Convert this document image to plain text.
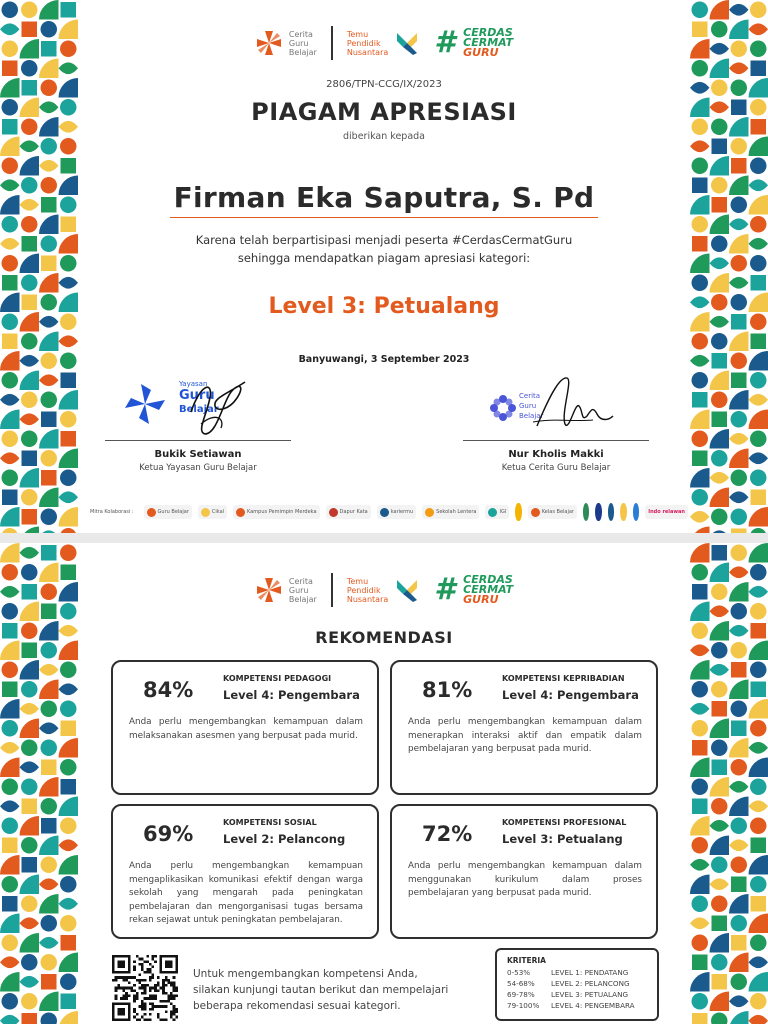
Cerita
Guru
Belajar
Temu
Pendidik
Nusantara # CERDAS
CERMAT
GURU
2806/TPN-CCG/IX/2023
PIAGAM APRESIASI
diberikan kepada
Firman Eka Saputra, S. Pd
Karena telah berpartisipasi menjadi peserta #CerdasCermatGuru
sehingga mendapatkan piagam apresiasi kategori:
Level 3: Petualang
Banyuwangi, 3 September 2023
Yayasan
Guru
Belajar
Bukik Setiawan
Ketua Yayasan Guru Belajar
Cerita
Guru
Belajar
Nur Kholis Makki
Ketua Cerita Guru Belajar
Mitra Kolaborasi :	Guru Belajar	Cikal	Kampus Pemimpin Merdeka	Dapur Kata	kariermu	Sekolah Lentera	IGI	Kelas Belajar	Indo relawan
Cerita
Guru
Belajar
Temu
Pendidik
Nusantara # CERDAS
CERMAT
GURU
REKOMENDASI
84%	KOMPETENSI PEDAGOGI
Level 4: Pengembara
Anda perlu mengembangkan kemampuan dalam melaksanakan asesmen yang berpusat pada murid.
81%	KOMPETENSI KEPRIBADIAN
Level 4: Pengembara
Anda perlu mengembangkan kemampuan dalam menerapkan interaksi aktif dan empatik dalam pembelajaran yang berpusat pada murid.
69%	KOMPETENSI SOSIAL
Level 2: Pelancong
Anda perlu mengembangkan kemampuan mengaplikasikan komunikasi efektif dengan warga sekolah yang mengarah pada peningkatan pembelajaran dan mengorganisasi tugas bersama rekan sejawat untuk peningkatan pembelajaran.
72%	KOMPETENSI PROFESIONAL
Level 3: Petualang
Anda perlu mengembangkan kemampuan dalam menggunakan kurikulum dalam proses pembelajaran yang berpusat pada murid.
Untuk mengembangkan kompetensi Anda,
silakan kunjungi tautan berikut dan mempelajari
beberapa rekomendasi sesuai kategori.
KRITERIA
0-53%	LEVEL 1: PENDATANG
54-68%	LEVEL 2: PELANCONG
69-78%	LEVEL 3: PETUALANG
79-100%	LEVEL 4: PENGEMBARA
